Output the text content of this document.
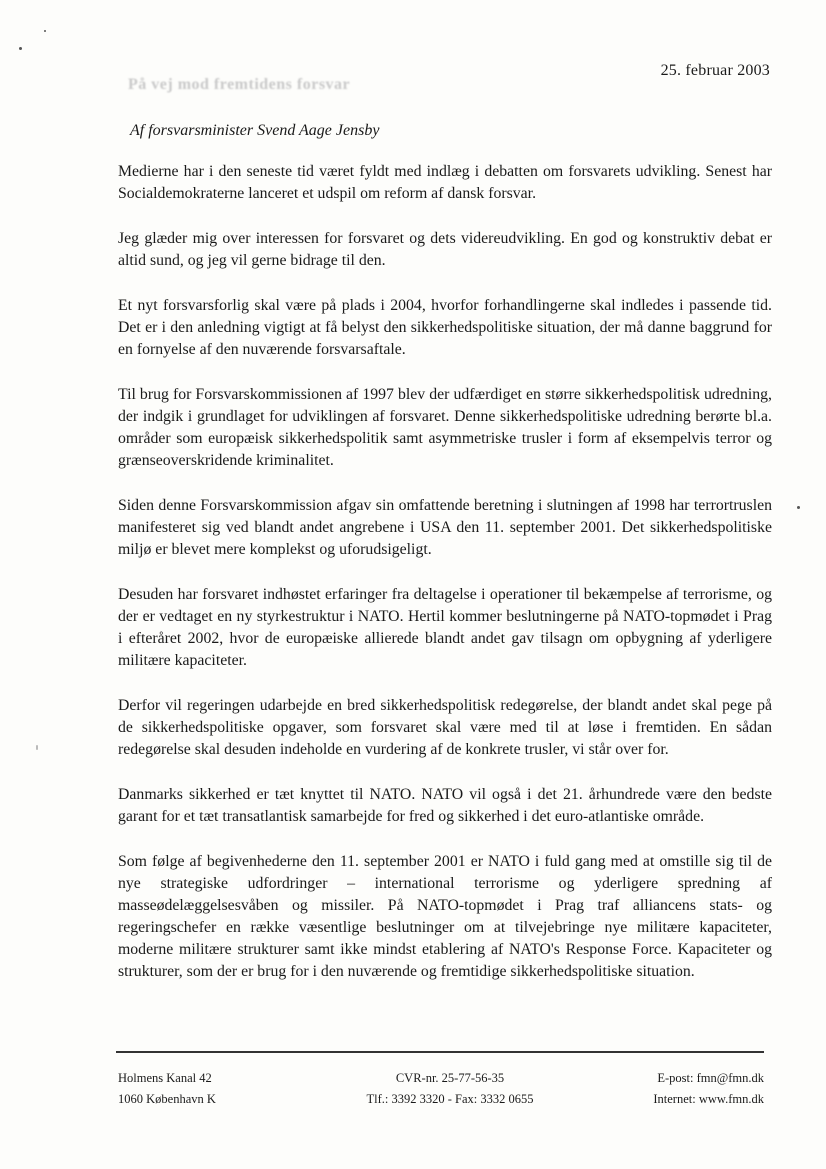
25. februar 2003
På vej mod fremtidens forsvar
Af forsvarsminister Svend Aage Jensby

Medierne har i den seneste tid været fyldt med indlæg i debatten om forsvarets udvikling. Senest har Socialdemokraterne lanceret et udspil om reform af dansk forsvar.

Jeg glæder mig over interessen for forsvaret og dets videreudvikling. En god og konstruktiv debat er altid sund, og jeg vil gerne bidrage til den.

Et nyt forsvarsforlig skal være på plads i 2004, hvorfor forhandlingerne skal indledes i passende tid. Det er i den anledning vigtigt at få belyst den sikkerhedspolitiske situation, der må danne baggrund for en fornyelse af den nuværende forsvarsaftale.

Til brug for Forsvarskommissionen af 1997 blev der udfærdiget en større sikkerhedspolitisk udredning, der indgik i grundlaget for udviklingen af forsvaret. Denne sikkerhedspolitiske udredning berørte bl.a. områder som europæisk sikkerhedspolitik samt asymmetriske trusler i form af eksempelvis terror og grænseoverskridende kriminalitet.

Siden denne Forsvarskommission afgav sin omfattende beretning i slutningen af 1998 har terrortruslen manifesteret sig ved blandt andet angrebene i USA den 11. september 2001. Det sikkerhedspolitiske miljø er blevet mere komplekst og uforudsigeligt.

Desuden har forsvaret indhøstet erfaringer fra deltagelse i operationer til bekæmpelse af terrorisme, og der er vedtaget en ny styrkestruktur i NATO. Hertil kommer beslutningerne på NATO-topmødet i Prag i efteråret 2002, hvor de europæiske allierede blandt andet gav tilsagn om opbygning af yderligere militære kapaciteter.

Derfor vil regeringen udarbejde en bred sikkerhedspolitisk redegørelse, der blandt andet skal pege på de sikkerhedspolitiske opgaver, som forsvaret skal være med til at løse i fremtiden. En sådan redegørelse skal desuden indeholde en vurdering af de konkrete trusler, vi står over for.

Danmarks sikkerhed er tæt knyttet til NATO. NATO vil også i det 21. århundrede være den bedste garant for et tæt transatlantisk samarbejde for fred og sikkerhed i det euro-atlantiske område.

Som følge af begivenhederne den 11. september 2001 er NATO i fuld gang med at omstille sig til de nye strategiske udfordringer – international terrorisme og yderligere spredning af masseødelæggelsesvåben og missiler. På NATO-topmødet i Prag traf alliancens stats- og regeringschefer en række væsentlige beslutninger om at tilvejebringe nye militære kapaciteter, moderne militære strukturer samt ikke mindst etablering af NATO's Response Force. Kapaciteter og strukturer, som der er brug for i den nuværende og fremtidige sikkerhedspolitiske situation.

Holmens Kanal 42
1060 København K
CVR-nr. 25-77-56-35
Tlf.: 3392 3320 - Fax: 3332 0655
E-post: fmn@fmn.dk
Internet: www.fmn.dk
